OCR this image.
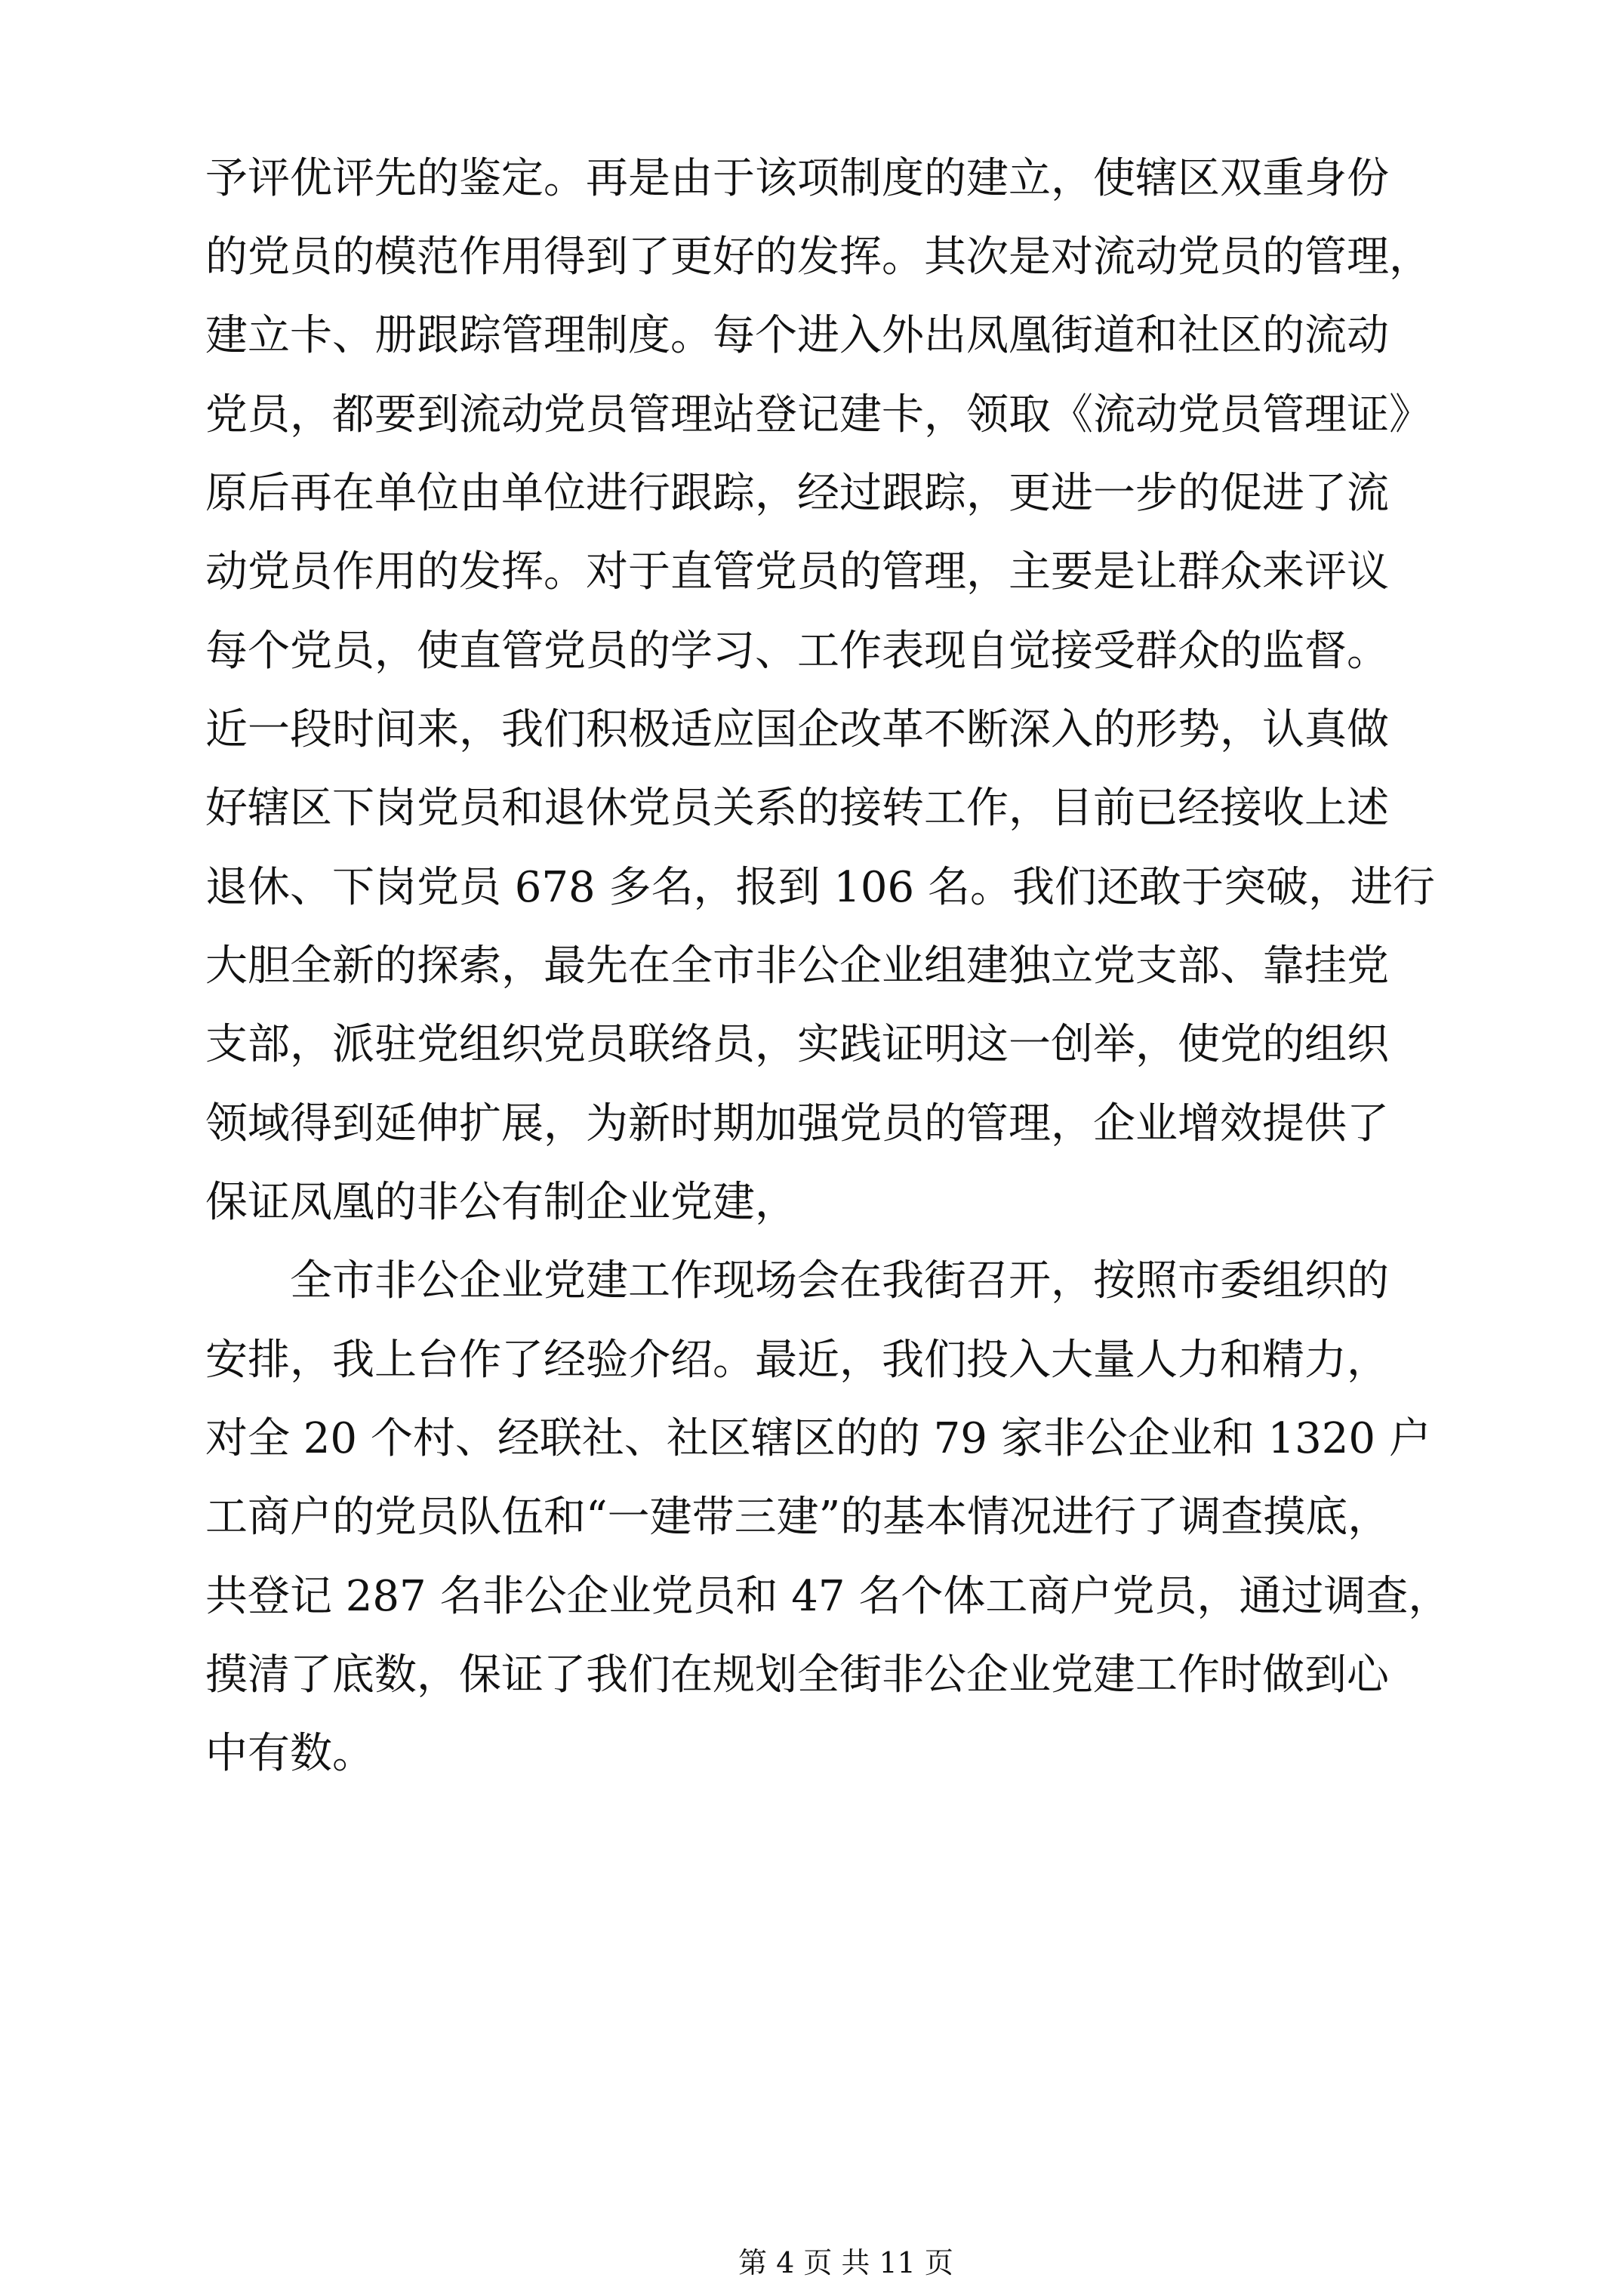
予评优评先的鉴定。再是由于该项制度的建立，使辖区双重身份
的党员的模范作用得到了更好的发挥。其次是对流动党员的管理，
建立卡、册跟踪管理制度。每个进入外出凤凰街道和社区的流动
党员，都要到流动党员管理站登记建卡，领取《流动党员管理证》
原后再在单位由单位进行跟踪，经过跟踪，更进一步的促进了流
动党员作用的发挥。对于直管党员的管理，主要是让群众来评议
每个党员，使直管党员的学习、工作表现自觉接受群众的监督。
近一段时间来，我们积极适应国企改革不断深入的形势，认真做
好辖区下岗党员和退休党员关系的接转工作，目前已经接收上述
退休、下岗党员 678 多名，报到 106 名。我们还敢于突破，进行
大胆全新的探索，最先在全市非公企业组建独立党支部、靠挂党
支部，派驻党组织党员联络员，实践证明这一创举，使党的组织
领域得到延伸扩展，为新时期加强党员的管理，企业增效提供了
保证凤凰的非公有制企业党建，
全市非公企业党建工作现场会在我街召开，按照市委组织的
安排，我上台作了经验介绍。最近，我们投入大量人力和精力，
对全 20 个村、经联社、社区辖区的的 79 家非公企业和 1320 户
工商户的党员队伍和“一建带三建”的基本情况进行了调查摸底，
共登记 287 名非公企业党员和 47 名个体工商户党员，通过调查，
摸清了底数，保证了我们在规划全街非公企业党建工作时做到心
中有数。
第 4 页 共 11 页
